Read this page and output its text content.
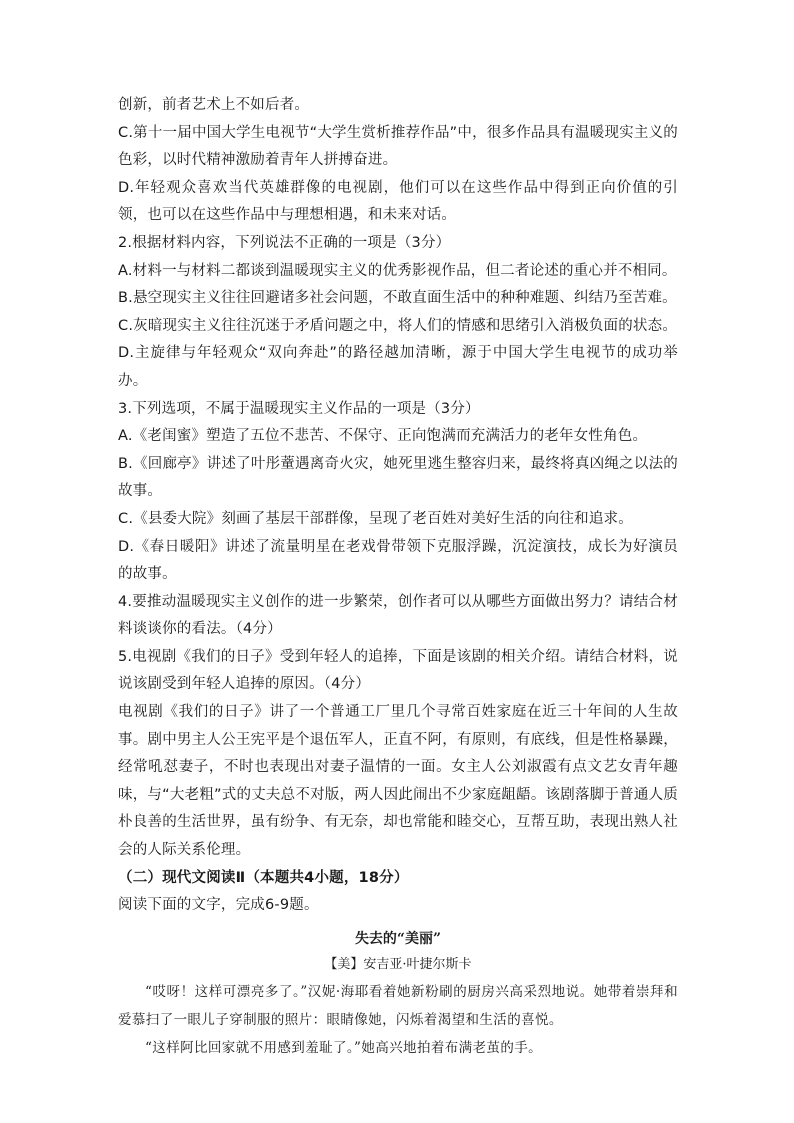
创新，前者艺术上不如后者。

C.第十一届中国大学生电视节“大学生赏析推荐作品”中，很多作品具有温暖现实主义的色彩，以时代精神激励着青年人拼搏奋进。

D.年轻观众喜欢当代英雄群像的电视剧，他们可以在这些作品中得到正向价值的引领，也可以在这些作品中与理想相遇，和未来对话。

2.根据材料内容，下列说法不正确的一项是（3分）

A.材料一与材料二都谈到温暖现实主义的优秀影视作品，但二者论述的重心并不相同。

B.悬空现实主义往往回避诸多社会问题，不敢直面生活中的种种难题、纠结乃至苦难。

C.灰暗现实主义往往沉迷于矛盾问题之中，将人们的情感和思绪引入消极负面的状态。

D.主旋律与年轻观众“双向奔赴”的路径越加清晰，源于中国大学生电视节的成功举办。

3.下列选项，不属于温暖现实主义作品的一项是（3分）

A.《老闺蜜》塑造了五位不悲苦、不保守、正向饱满而充满活力的老年女性角色。

B.《回廊亭》讲述了叶彤蕫遇离奇火灾，她死里逃生整容归来，最终将真凶绳之以法的故事。

C.《县委大院》刻画了基层干部群像，呈现了老百姓对美好生活的向往和追求。

D.《春日暖阳》讲述了流量明星在老戏骨带领下克服浮躁，沉淀演技，成长为好演员的故事。

4.要推动温暖现实主义创作的进一步繁荣，创作者可以从哪些方面做出努力？请结合材料谈谈你的看法。（4分）

5.电视剧《我们的日子》受到年轻人的追捧，下面是该剧的相关介绍。请结合材料，说说该剧受到年轻人追捧的原因。（4分）

电视剧《我们的日子》讲了一个普通工厂里几个寻常百姓家庭在近三十年间的人生故事。剧中男主人公王宪平是个退伍军人，正直不阿，有原则，有底线，但是性格暴躁，经常吼怼妻子，不时也表现出对妻子温情的一面。女主人公刘淑霞有点文艺女青年趣味，与“大老粗”式的丈夫总不对版，两人因此闹出不少家庭龃龉。该剧落脚于普通人质朴良善的生活世界，虽有纷争、有无奈，却也常能和睦交心，互帮互助，表现出熟人社会的人际关系伦理。

（二）现代文阅读Ⅱ（本题共4小题，18分）

阅读下面的文字，完成6-9题。

失去的“美丽”
【美】安吉亚·叶捷尔斯卡

“哎呀！这样可漂亮多了。”汉妮·海耶看着她新粉刷的厨房兴高采烈地说。她带着崇拜和爱慕扫了一眼儿子穿制服的照片：眼睛像她，闪烁着渴望和生活的喜悦。

“这样阿比回家就不用感到羞耻了。”她高兴地拍着布满老茧的手。
